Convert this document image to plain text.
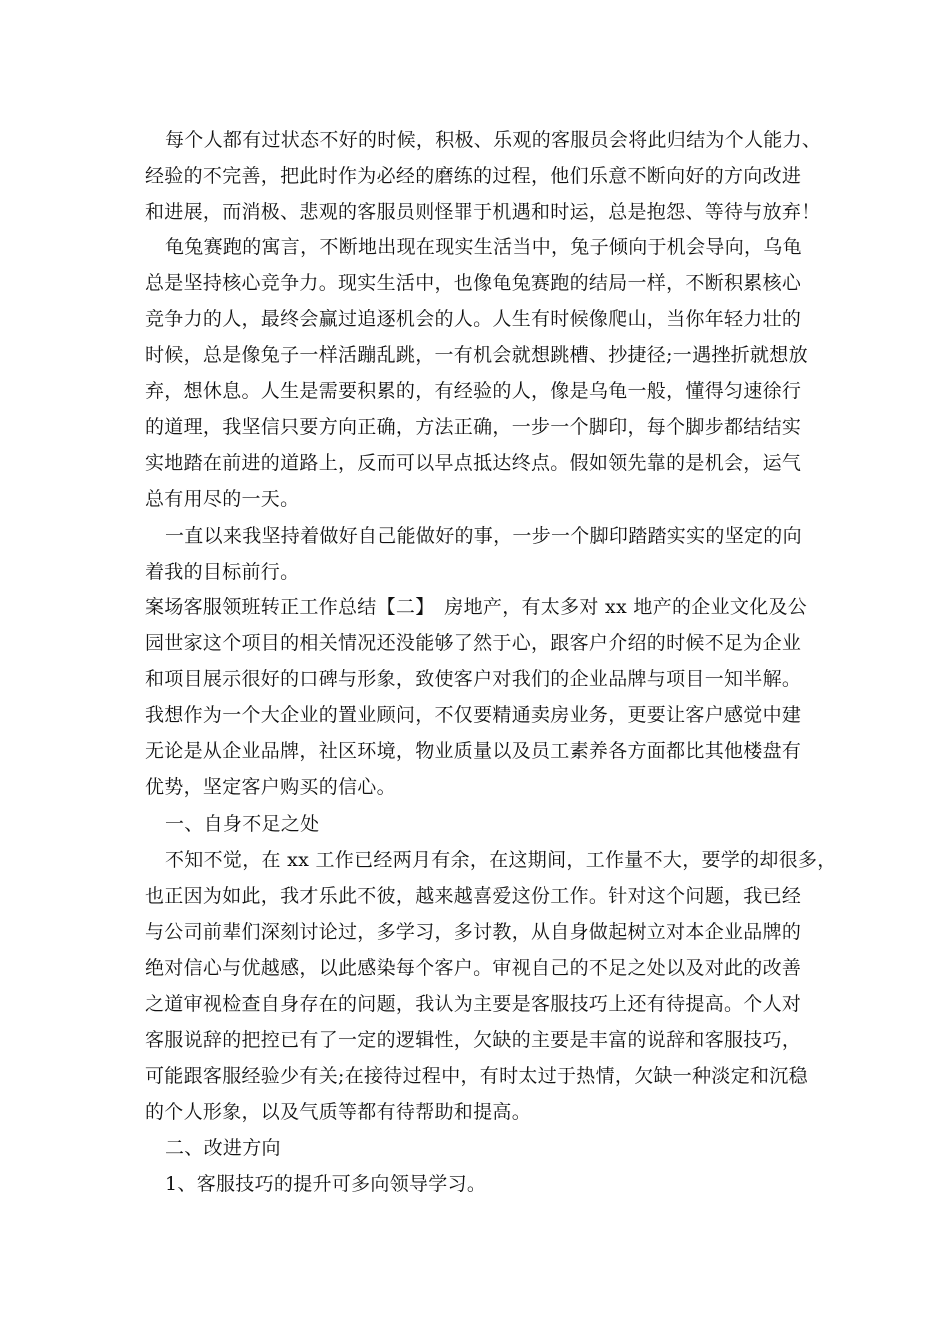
每个人都有过状态不好的时候，积极、乐观的客服员会将此归结为个人能力、
经验的不完善，把此时作为必经的磨练的过程，他们乐意不断向好的方向改进
和进展，而消极、悲观的客服员则怪罪于机遇和时运，总是抱怨、等待与放弃！
龟兔赛跑的寓言，不断地出现在现实生活当中，兔子倾向于机会导向，乌龟
总是坚持核心竞争力。现实生活中，也像龟兔赛跑的结局一样，不断积累核心
竞争力的人，最终会赢过追逐机会的人。人生有时候像爬山，当你年轻力壮的
时候，总是像兔子一样活蹦乱跳，一有机会就想跳槽、抄捷径;一遇挫折就想放
弃，想休息。人生是需要积累的，有经验的人，像是乌龟一般，懂得匀速徐行
的道理，我坚信只要方向正确，方法正确，一步一个脚印，每个脚步都结结实
实地踏在前进的道路上，反而可以早点抵达终点。假如领先靠的是机会，运气
总有用尽的一天。
一直以来我坚持着做好自己能做好的事，一步一个脚印踏踏实实的坚定的向
着我的目标前行。
案场客服领班转正工作总结【二】　房地产，有太多对 xx 地产的企业文化及公
园世家这个项目的相关情况还没能够了然于心，跟客户介绍的时候不足为企业
和项目展示很好的口碑与形象，致使客户对我们的企业品牌与项目一知半解。
我想作为一个大企业的置业顾问，不仅要精通卖房业务，更要让客户感觉中建
无论是从企业品牌，社区环境，物业质量以及员工素养各方面都比其他楼盘有
优势，坚定客户购买的信心。
一、自身不足之处
不知不觉，在 xx 工作已经两月有余，在这期间，工作量不大，要学的却很多，
也正因为如此，我才乐此不彼，越来越喜爱这份工作。针对这个问题，我已经
与公司前辈们深刻讨论过，多学习，多讨教，从自身做起树立对本企业品牌的
绝对信心与优越感，以此感染每个客户。审视自己的不足之处以及对此的改善
之道审视检查自身存在的问题，我认为主要是客服技巧上还有待提高。个人对
客服说辞的把控已有了一定的逻辑性，欠缺的主要是丰富的说辞和客服技巧，
可能跟客服经验少有关;在接待过程中，有时太过于热情，欠缺一种淡定和沉稳
的个人形象，以及气质等都有待帮助和提高。
二、改进方向
1、客服技巧的提升可多向领导学习。
